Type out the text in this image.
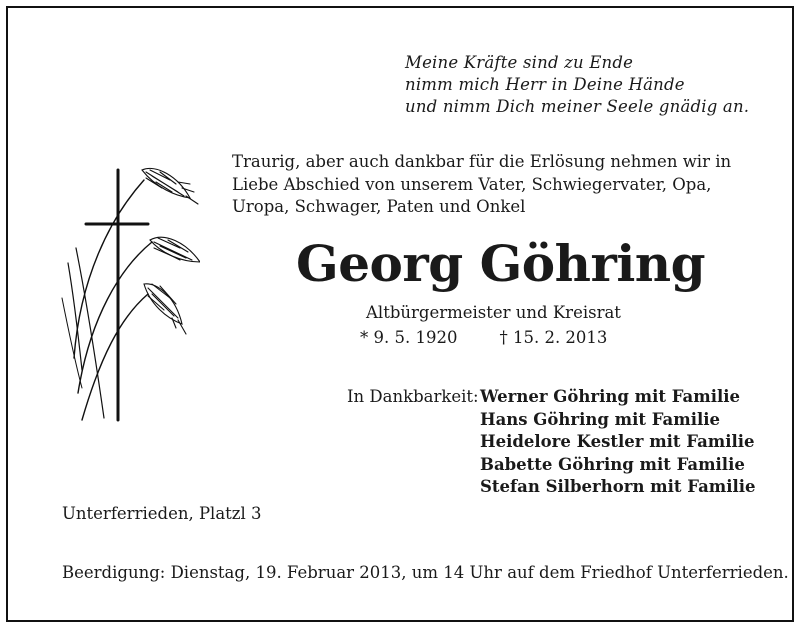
Meine Kräfte sind zu Ende
nimm mich Herr in Deine Hände
und nimm Dich meiner Seele gnädig an.
Traurig, aber auch dankbar für die Erlösung nehmen wir in
Liebe Abschied von unserem Vater, Schwiegervater, Opa,
Uropa, Schwager, Paten und Onkel
Georg Göhring
Altbürgermeister und Kreisrat
* 9. 5. 1920	† 15. 2. 2013
In Dankbarkeit: Werner Göhring mit Familie
Hans Göhring mit Familie
Heidelore Kestler mit Familie
Babette Göhring mit Familie
Stefan Silberhorn mit Familie
Unterferrieden, Platzl 3
Beerdigung: Dienstag, 19. Februar 2013, um 14 Uhr auf dem Friedhof Unterferrieden.
